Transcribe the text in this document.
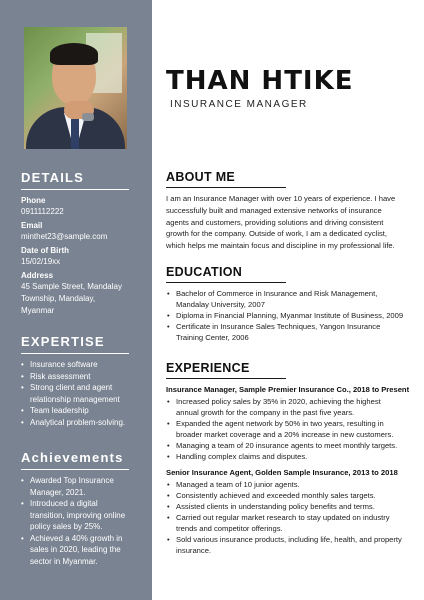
DETAILS
Phone
0911112222
Email
minthet23@sample.com
Date of Birth
15/02/19xx
Address
45 Sample Street, Mandalay
Township, Mandalay,
Myanmar
EXPERTISE
• Insurance software
• Risk assessment
• Strong client and agent
relationship management
• Team leadership
• Analytical problem-solving.
Achievements
• Awarded Top Insurance
Manager, 2021.
• Introduced a digital
transition, improving online
policy sales by 25%.
• Achieved a 40% growth in
sales in 2020, leading the
sector in Myanmar.
THAN HTIKE
INSURANCE MANAGER
ABOUT ME
I am an Insurance Manager with over 10 years of experience. I have
successfully built and managed extensive networks of insurance
agents and customers, providing solutions and driving consistent
growth for the company. Outside of work, I am a dedicated cyclist,
which helps me maintain focus and discipline in my professional life.
EDUCATION
• Bachelor of Commerce in Insurance and Risk Management,
Mandalay University, 2007
• Diploma in Financial Planning, Myanmar Institute of Business, 2009
• Certificate in Insurance Sales Techniques, Yangon Insurance
Training Center, 2006
EXPERIENCE
Insurance Manager, Sample Premier Insurance Co., 2018 to Present
• Increased policy sales by 35% in 2020, achieving the highest
annual growth for the company in the past five years.
• Expanded the agent network by 50% in two years, resulting in
broader market coverage and a 20% increase in new customers.
• Managing a team of 20 insurance agents to meet monthly targets.
• Handling complex claims and disputes.
Senior Insurance Agent, Golden Sample Insurance, 2013 to 2018
• Managed a team of 10 junior agents.
• Consistently achieved and exceeded monthly sales targets.
• Assisted clients in understanding policy benefits and terms.
• Carried out regular market research to stay updated on industry
trends and competitor offerings.
• Sold various insurance products, including life, health, and property
insurance.
